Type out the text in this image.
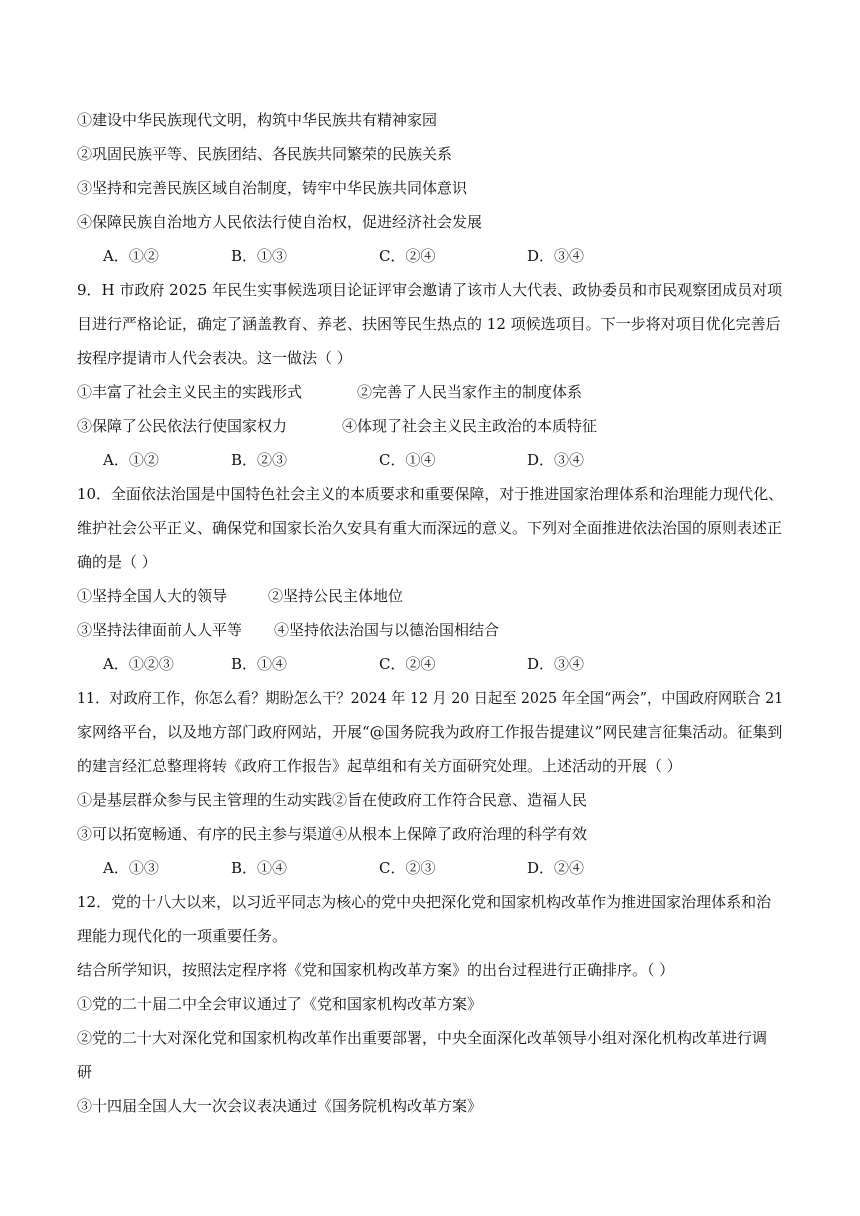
①建设中华民族现代文明，构筑中华民族共有精神家园
②巩固民族平等、民族团结、各民族共同繁荣的民族关系
③坚持和完善民族区域自治制度，铸牢中华民族共同体意识
④保障民族自治地方人民依法行使自治权，促进经济社会发展
A．①②	B．①③	C．②④	D．③④
9．H 市政府 2025 年民生实事候选项目论证评审会邀请了该市人大代表、政协委员和市民观察团成员对项
目进行严格论证，确定了涵盖教育、养老、扶困等民生热点的 12 项候选项目。下一步将对项目优化完善后
按程序提请市人代会表决。这一做法（ ）
①丰富了社会主义民主的实践形式	②完善了人民当家作主的制度体系
③保障了公民依法行使国家权力	④体现了社会主义民主政治的本质特征
A．①②	B．②③	C．①④	D．③④
10．全面依法治国是中国特色社会主义的本质要求和重要保障，对于推进国家治理体系和治理能力现代化、
维护社会公平正义、确保党和国家长治久安具有重大而深远的意义。下列对全面推进依法治国的原则表述正
确的是（ ）
①坚持全国人大的领导	②坚持公民主体地位
③坚持法律面前人人平等 ④坚持依法治国与以德治国相结合
A．①②③	B．①④	C．②④	D．③④
11．对政府工作，你怎么看？期盼怎么干？2024 年 12 月 20 日起至 2025 年全国“两会”，中国政府网联合 21
家网络平台，以及地方部门政府网站，开展“@国务院我为政府工作报告提建议”网民建言征集活动。征集到
的建言经汇总整理将转《政府工作报告》起草组和有关方面研究处理。上述活动的开展（ ）
①是基层群众参与民主管理的生动实践②旨在使政府工作符合民意、造福人民
③可以拓宽畅通、有序的民主参与渠道④从根本上保障了政府治理的科学有效
A．①③	B．①④	C．②③	D．②④
12．党的十八大以来，以习近平同志为核心的党中央把深化党和国家机构改革作为推进国家治理体系和治
理能力现代化的一项重要任务。
结合所学知识，按照法定程序将《党和国家机构改革方案》的出台过程进行正确排序。（ ）
①党的二十届二中全会审议通过了《党和国家机构改革方案》
②党的二十大对深化党和国家机构改革作出重要部署，中央全面深化改革领导小组对深化机构改革进行调
研
③十四届全国人大一次会议表决通过《国务院机构改革方案》
